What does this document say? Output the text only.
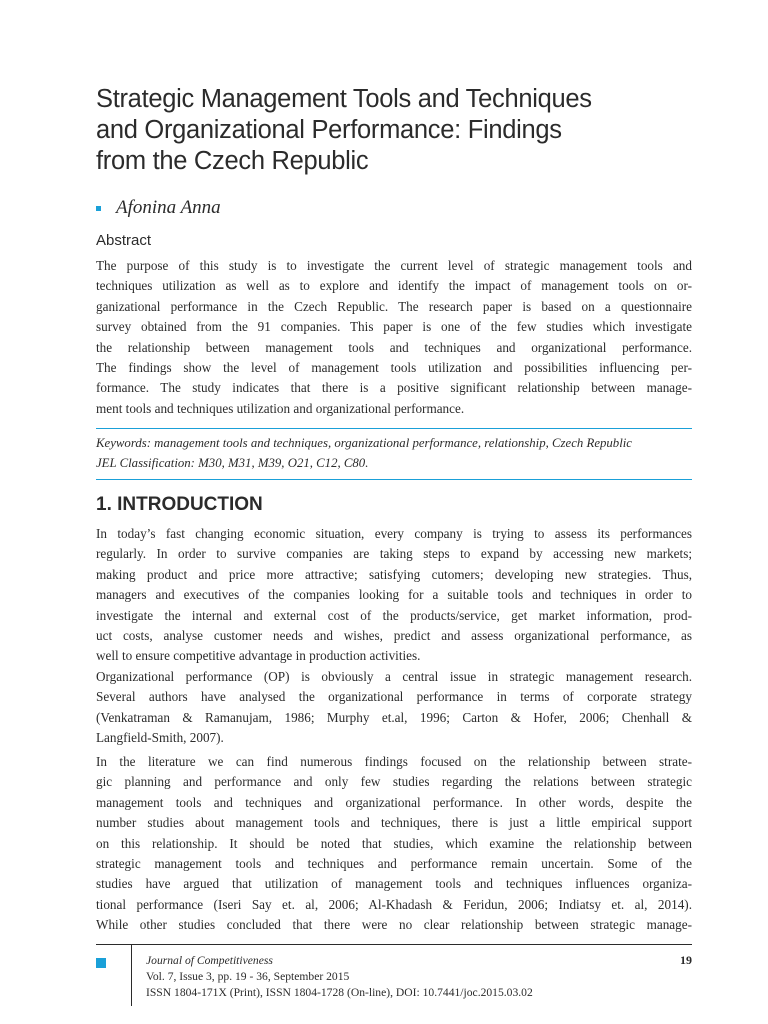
Strategic Management Tools and Techniques
and Organizational Performance: Findings
from the Czech Republic
Afonina Anna
Abstract
The purpose of this study is to investigate the current level of strategic management tools and
techniques utilization as well as to explore and identify the impact of management tools on or-
ganizational performance in the Czech Republic. The research paper is based on a questionnaire
survey obtained from the 91 companies. This paper is one of the few studies which investigate
the relationship between management tools and techniques and organizational performance.
The findings show the level of management tools utilization and possibilities influencing per-
formance. The study indicates that there is a positive significant relationship between manage-
ment tools and techniques utilization and organizational performance.
Keywords: management tools and techniques, organizational performance, relationship, Czech Republic
JEL Classification: M30, M31, M39, O21, C12, C80.
1. INTRODUCTION
In today’s fast changing economic situation, every company is trying to assess its performances
regularly. In order to survive companies are taking steps to expand by accessing new markets;
making product and price more attractive; satisfying cutomers; developing new strategies. Thus,
managers and executives of the companies looking for a suitable tools and techniques in order to
investigate the internal and external cost of the products/service, get market information, prod-
uct costs, analyse customer needs and wishes, predict and assess organizational performance, as
well to ensure competitive advantage in production activities.
Organizational performance (OP) is obviously a central issue in strategic management research.
Several authors have analysed the organizational performance in terms of corporate strategy
(Venkatraman & Ramanujam, 1986; Murphy et.al, 1996; Carton & Hofer, 2006; Chenhall &
Langfield-Smith, 2007).
In the literature we can find numerous findings focused on the relationship between strate-
gic planning and performance and only few studies regarding the relations between strategic
management tools and techniques and organizational performance. In other words, despite the
number studies about management tools and techniques, there is just a little empirical support
on this relationship. It should be noted that studies, which examine the relationship between
strategic management tools and techniques and performance remain uncertain. Some of the
studies have argued that utilization of management tools and techniques influences organiza-
tional performance (Iseri Say et. al, 2006; Al-Khadash & Feridun, 2006; Indiatsy et. al, 2014).
While other studies concluded that there were no clear relationship between strategic manage-
Journal of Competitiveness
Vol. 7, Issue 3, pp. 19 - 36, September 2015
ISSN 1804-171X (Print), ISSN 1804-1728 (On-line), DOI: 10.7441/joc.2015.03.02
19
